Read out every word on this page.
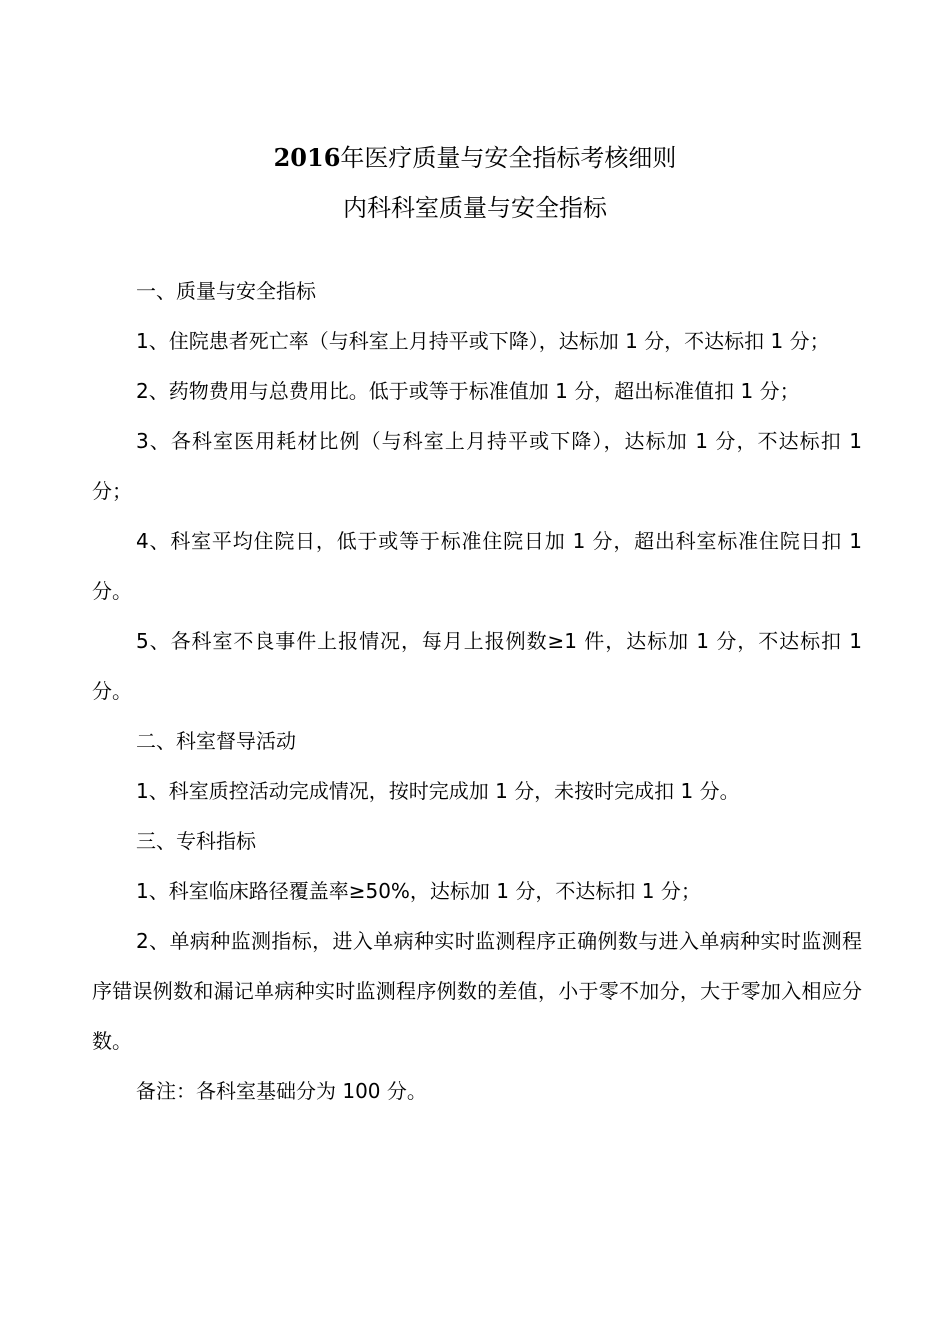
2016年医疗质量与安全指标考核细则
内科科室质量与安全指标

一、质量与安全指标

1、住院患者死亡率（与科室上月持平或下降），达标加 1 分，不达标扣 1 分；

2、药物费用与总费用比。低于或等于标准值加 1 分，超出标准值扣 1 分；

3、各科室医用耗材比例（与科室上月持平或下降），达标加 1 分，不达标扣 1 分；

4、科室平均住院日，低于或等于标准住院日加 1 分，超出科室标准住院日扣 1 分。

5、各科室不良事件上报情况，每月上报例数≥1 件，达标加 1 分，不达标扣 1 分。

二、科室督导活动

1、科室质控活动完成情况，按时完成加 1 分，未按时完成扣 1 分。

三、专科指标

1、科室临床路径覆盖率≥50%，达标加 1 分，不达标扣 1 分；

2、单病种监测指标，进入单病种实时监测程序正确例数与进入单病种实时监测程序错误例数和漏记单病种实时监测程序例数的差值，小于零不加分，大于零加入相应分数。

备注：各科室基础分为 100 分。
